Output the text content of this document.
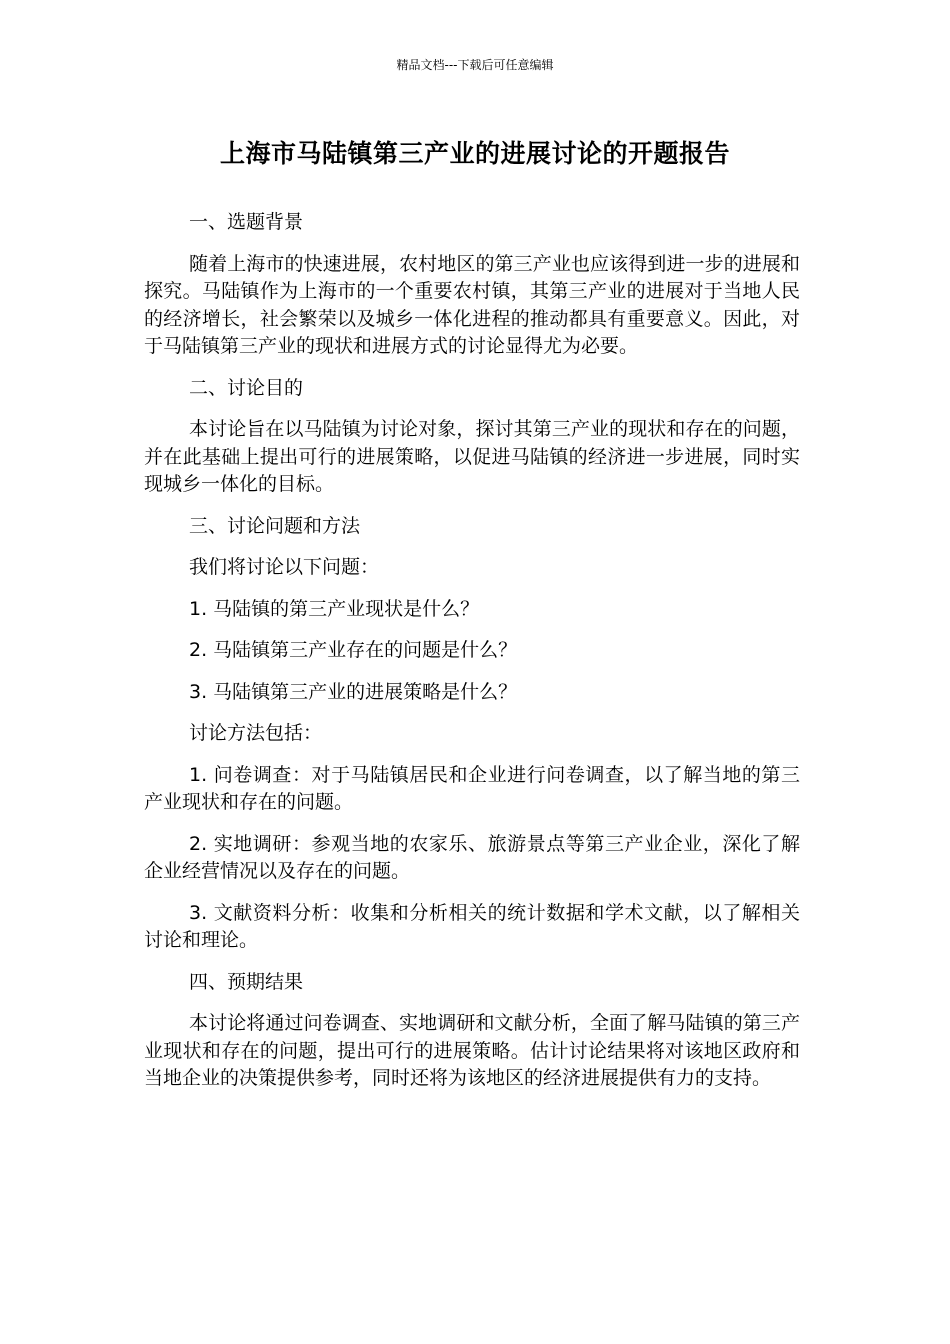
精品文档---下载后可任意编辑
上海市马陆镇第三产业的进展讨论的开题报告

一、选题背景

随着上海市的快速进展，农村地区的第三产业也应该得到进一步的进展和探究。马陆镇作为上海市的一个重要农村镇，其第三产业的进展对于当地人民的经济增长，社会繁荣以及城乡一体化进程的推动都具有重要意义。因此，对于马陆镇第三产业的现状和进展方式的讨论显得尤为必要。

二、讨论目的

本讨论旨在以马陆镇为讨论对象，探讨其第三产业的现状和存在的问题，并在此基础上提出可行的进展策略，以促进马陆镇的经济进一步进展，同时实现城乡一体化的目标。

三、讨论问题和方法

我们将讨论以下问题：

1. 马陆镇的第三产业现状是什么？

2. 马陆镇第三产业存在的问题是什么？

3. 马陆镇第三产业的进展策略是什么？

讨论方法包括：

1. 问卷调查：对于马陆镇居民和企业进行问卷调查，以了解当地的第三产业现状和存在的问题。

2. 实地调研：参观当地的农家乐、旅游景点等第三产业企业，深化了解企业经营情况以及存在的问题。

3. 文献资料分析：收集和分析相关的统计数据和学术文献，以了解相关讨论和理论。

四、预期结果

本讨论将通过问卷调查、实地调研和文献分析，全面了解马陆镇的第三产业现状和存在的问题，提出可行的进展策略。估计讨论结果将对该地区政府和当地企业的决策提供参考，同时还将为该地区的经济进展提供有力的支持。
